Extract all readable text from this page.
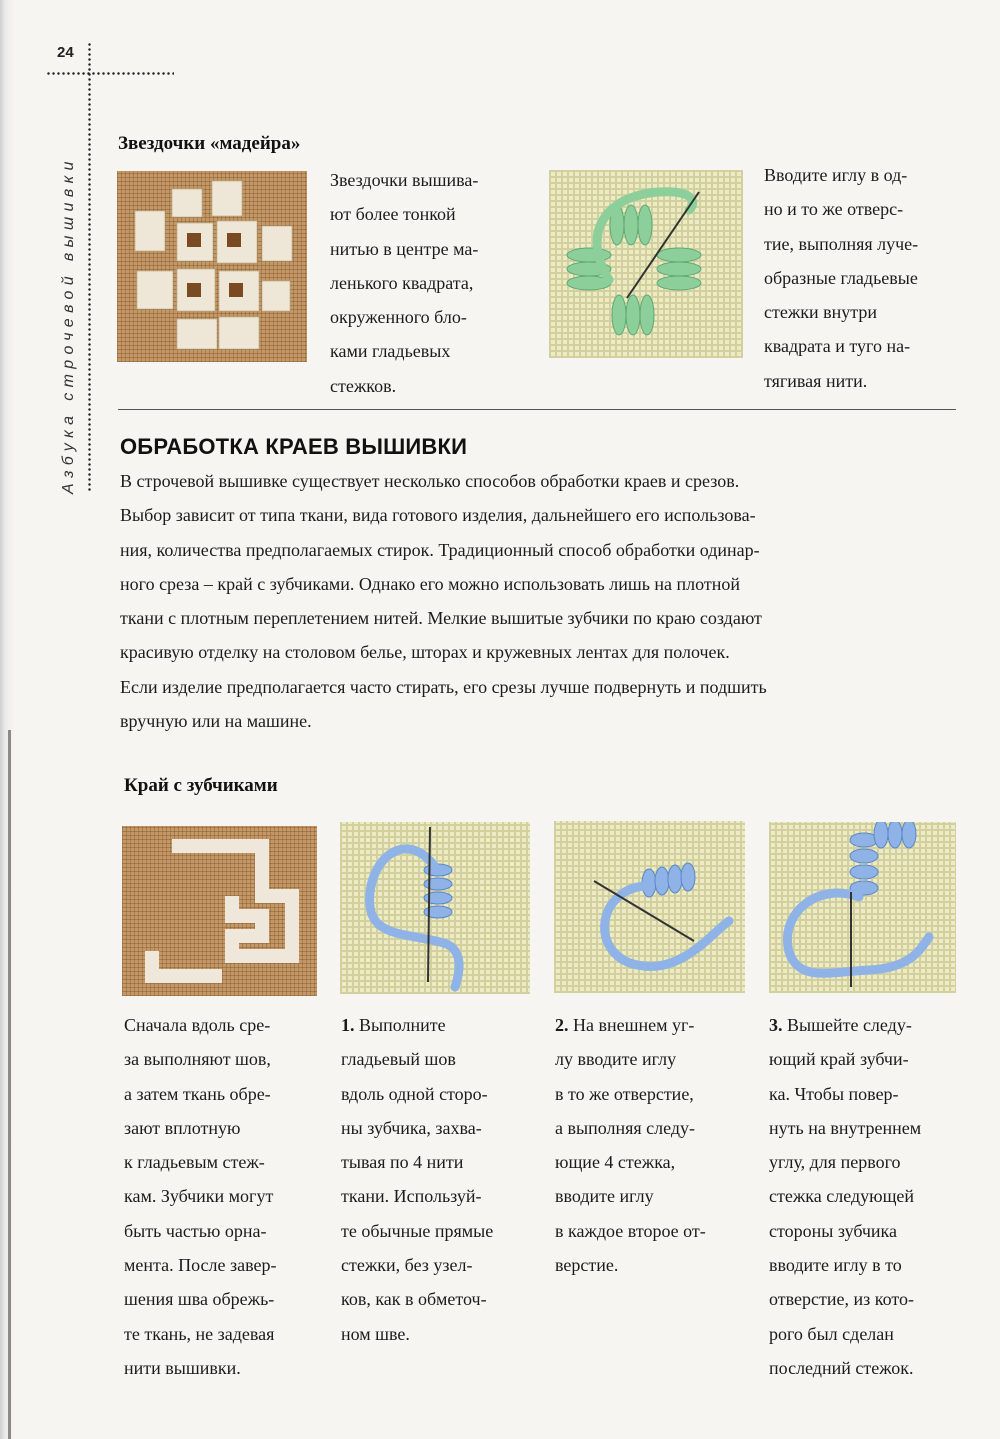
24
Азбука строчевой вышивки
Звездочки «мадейра»
Звездочки вышива-
ют более тонкой
нитью в центре ма-
ленького квадрата,
окруженного бло-
ками гладьевых
стежков.
Вводите иглу в од-
но и то же отверс-
тие, выполняя луче-
образные гладьевые
стежки внутри
квадрата и туго на-
тягивая нити.
ОБРАБОТКА КРАЕВ ВЫШИВКИ
В строчевой вышивке существует несколько способов обработки краев и срезов.
Выбор зависит от типа ткани, вида готового изделия, дальнейшего его использова-
ния, количества предполагаемых стирок. Традиционный способ обработки одинар-
ного среза – край с зубчиками. Однако его можно использовать лишь на плотной
ткани с плотным переплетением нитей. Мелкие вышитые зубчики по краю создают
красивую отделку на столовом белье, шторах и кружевных лентах для полочек.
Если изделие предполагается часто стирать, его срезы лучше подвернуть и подшить
вручную или на машине.
Край с зубчиками
Сначала вдоль сре-
за выполняют шов,
а затем ткань обре-
зают вплотную
к гладьевым стеж-
кам. Зубчики могут
быть частью орна-
мента. После завер-
шения шва обрежь-
те ткань, не задевая
нити вышивки.
1. Выполните
гладьевый шов
вдоль одной сторо-
ны зубчика, захва-
тывая по 4 нити
ткани. Используй-
те обычные прямые
стежки, без узел-
ков, как в обметоч-
ном шве.
2. На внешнем уг-
лу вводите иглу
в то же отверстие,
а выполняя следу-
ющие 4 стежка,
вводите иглу
в каждое второе от-
верстие.
3. Вышейте следу-
ющий край зубчи-
ка. Чтобы повер-
нуть на внутреннем
углу, для первого
стежка следующей
стороны зубчика
вводите иглу в то
отверстие, из кото-
рого был сделан
последний стежок.
